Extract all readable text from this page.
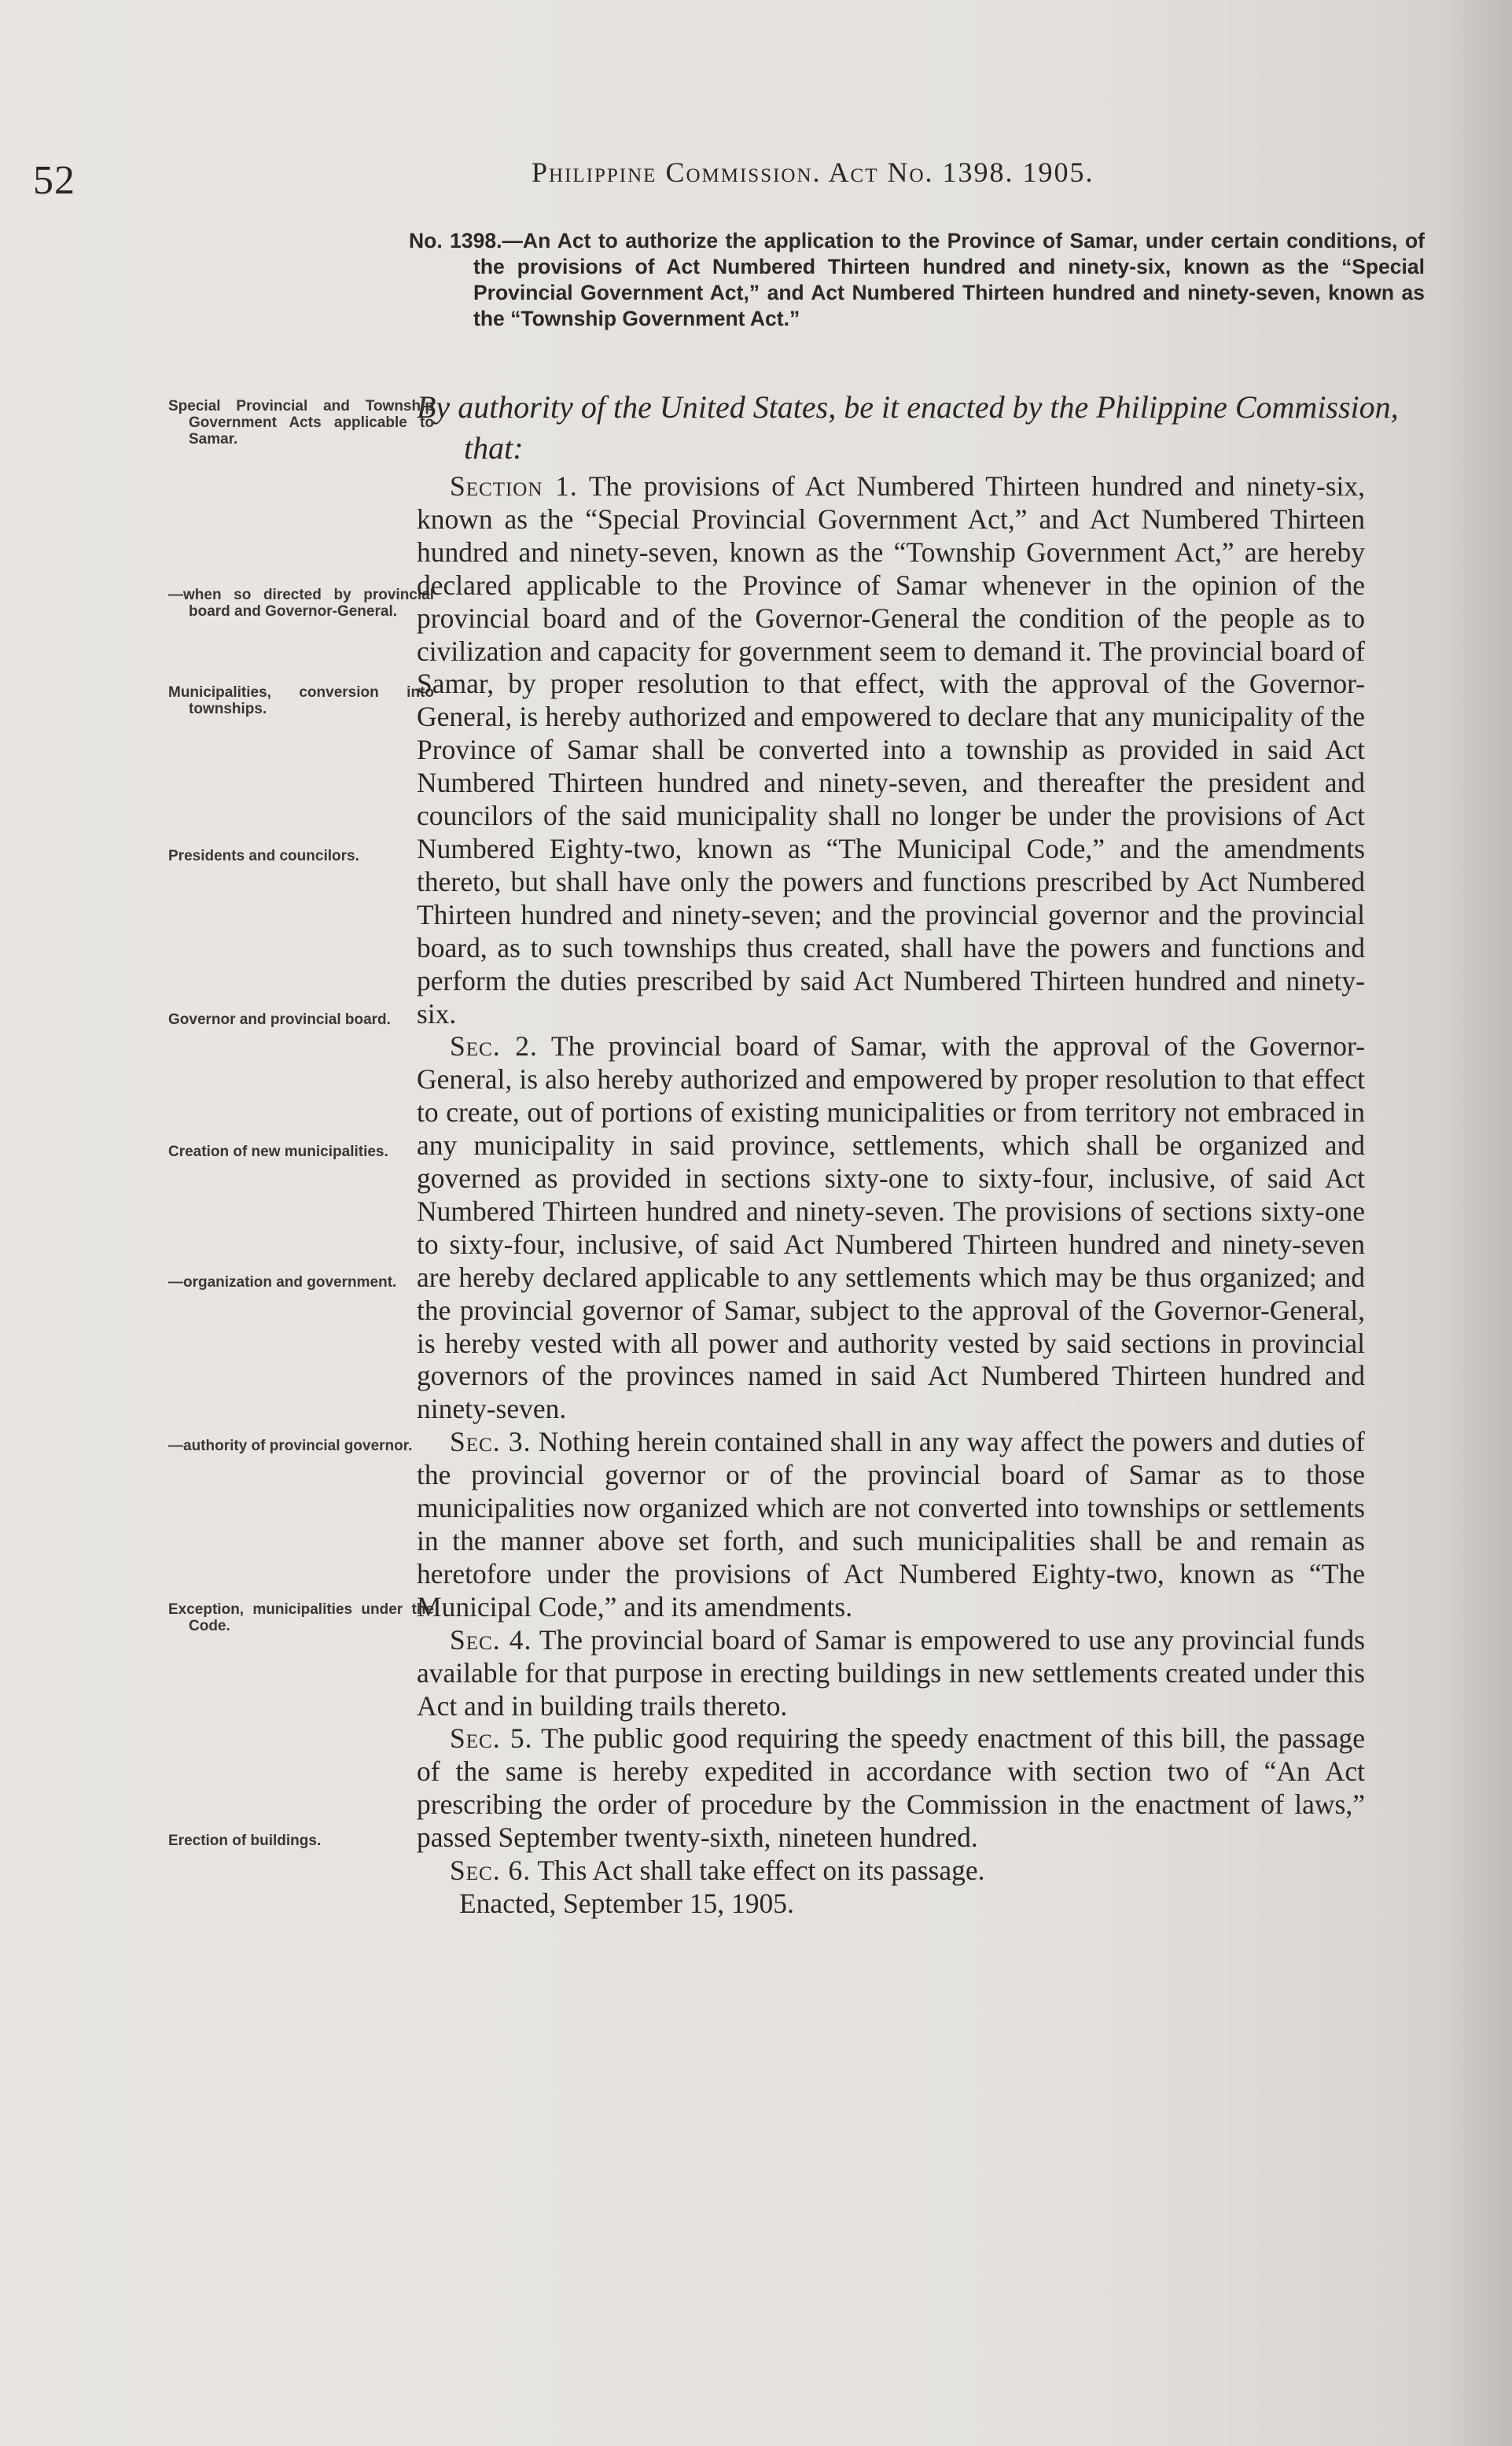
52	Philippine Commission. Act No. 1398. 1905.
No. 1398.—An Act to authorize the application to the Province of Samar, under certain conditions, of the provisions of Act Numbered Thirteen hundred and ninety-six, known as the “Special Provincial Government Act,” and Act Numbered Thirteen hundred and ninety-seven, known as the “Township Government Act.”
By authority of the United States, be it enacted by the Philippine Commission, that:
Special Provincial and Township Government Acts applicable to Samar.
—when so directed by provincial board and Governor-General.
Municipalities, conversion into townships.
Presidents and councilors.
Governor and provincial board.
Creation of new municipalities.
—organization and government.
—authority of provincial governor.
Exception, municipalities under the Code.
Erection of buildings.

Section 1. The provisions of Act Numbered Thirteen hundred and ninety-six, known as the “Special Provincial Government Act,” and Act Numbered Thirteen hundred and ninety-seven, known as the “Township Government Act,” are hereby declared applicable to the Province of Samar whenever in the opinion of the provincial board and of the Governor-General the condition of the people as to civilization and capacity for government seem to demand it. The provincial board of Samar, by proper resolution to that effect, with the approval of the Governor-General, is hereby authorized and empowered to declare that any municipality of the Province of Samar shall be converted into a township as provided in said Act Numbered Thirteen hundred and ninety-seven, and thereafter the president and councilors of the said municipality shall no longer be under the provisions of Act Numbered Eighty-two, known as “The Municipal Code,” and the amendments thereto, but shall have only the powers and functions prescribed by Act Numbered Thirteen hundred and ninety-seven; and the provincial governor and the provincial board, as to such townships thus created, shall have the powers and functions and perform the duties prescribed by said Act Numbered Thirteen hundred and ninety-six.

Sec. 2. The provincial board of Samar, with the approval of the Governor-General, is also hereby authorized and empowered by proper resolution to that effect to create, out of portions of existing municipalities or from territory not embraced in any municipality in said province, settlements, which shall be organized and governed as provided in sections sixty-one to sixty-four, inclusive, of said Act Numbered Thirteen hundred and ninety-seven. The provisions of sections sixty-one to sixty-four, inclusive, of said Act Numbered Thirteen hundred and ninety-seven are hereby declared applicable to any settlements which may be thus organized; and the provincial governor of Samar, subject to the approval of the Governor-General, is hereby vested with all power and authority vested by said sections in provincial governors of the provinces named in said Act Numbered Thirteen hundred and ninety-seven.

Sec. 3. Nothing herein contained shall in any way affect the powers and duties of the provincial governor or of the provincial board of Samar as to those municipalities now organized which are not converted into townships or settlements in the manner above set forth, and such municipalities shall be and remain as heretofore under the provisions of Act Numbered Eighty-two, known as “The Municipal Code,” and its amendments.

Sec. 4. The provincial board of Samar is empowered to use any provincial funds available for that purpose in erecting buildings in new settlements created under this Act and in building trails thereto.

Sec. 5. The public good requiring the speedy enactment of this bill, the passage of the same is hereby expedited in accordance with section two of “An Act prescribing the order of procedure by the Commission in the enactment of laws,” passed September twenty-sixth, nineteen hundred.

Sec. 6. This Act shall take effect on its passage.

Enacted, September 15, 1905.
